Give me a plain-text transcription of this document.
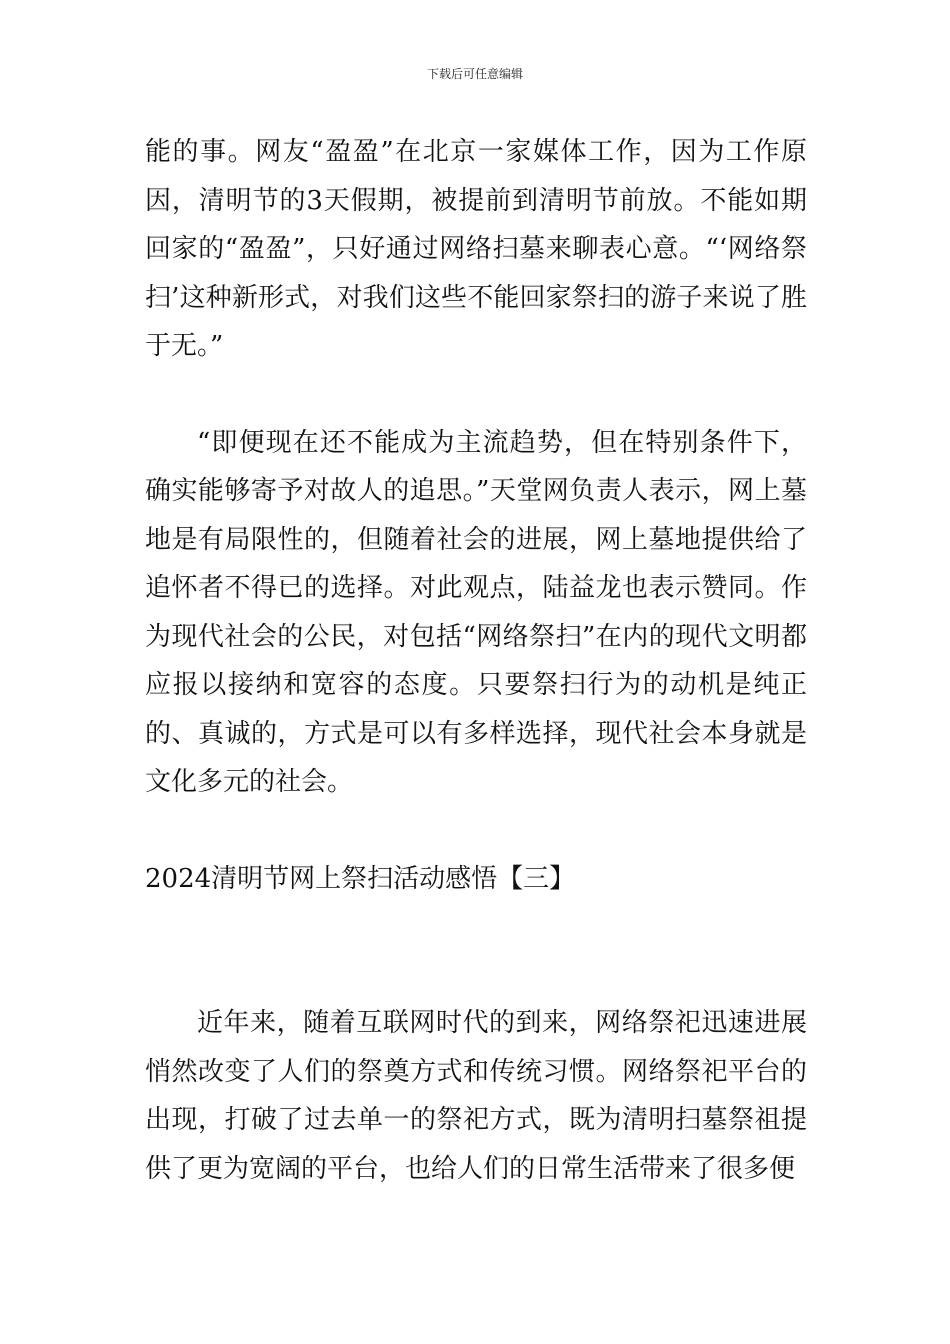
下载后可任意编辑

能的事。网友“盈盈”在北京一家媒体工作，因为工作原因，清明节的3天假期，被提前到清明节前放。不能如期回家的“盈盈”，只好通过网络扫墓来聊表心意。“‘网络祭扫’这种新形式，对我们这些不能回家祭扫的游子来说了胜于无。”

“即便现在还不能成为主流趋势，但在特别条件下，确实能够寄予对故人的追思。”天堂网负责人表示，网上墓地是有局限性的，但随着社会的进展，网上墓地提供给了追怀者不得已的选择。对此观点，陆益龙也表示赞同。作为现代社会的公民，对包括“网络祭扫”在内的现代文明都应报以接纳和宽容的态度。只要祭扫行为的动机是纯正的、真诚的，方式是可以有多样选择，现代社会本身就是文化多元的社会。

2024清明节网上祭扫活动感悟【三】

近年来，随着互联网时代的到来，网络祭祀迅速进展悄然改变了人们的祭奠方式和传统习惯。网络祭祀平台的出现，打破了过去单一的祭祀方式，既为清明扫墓祭祖提供了更为宽阔的平台，也给人们的日常生活带来了很多便
